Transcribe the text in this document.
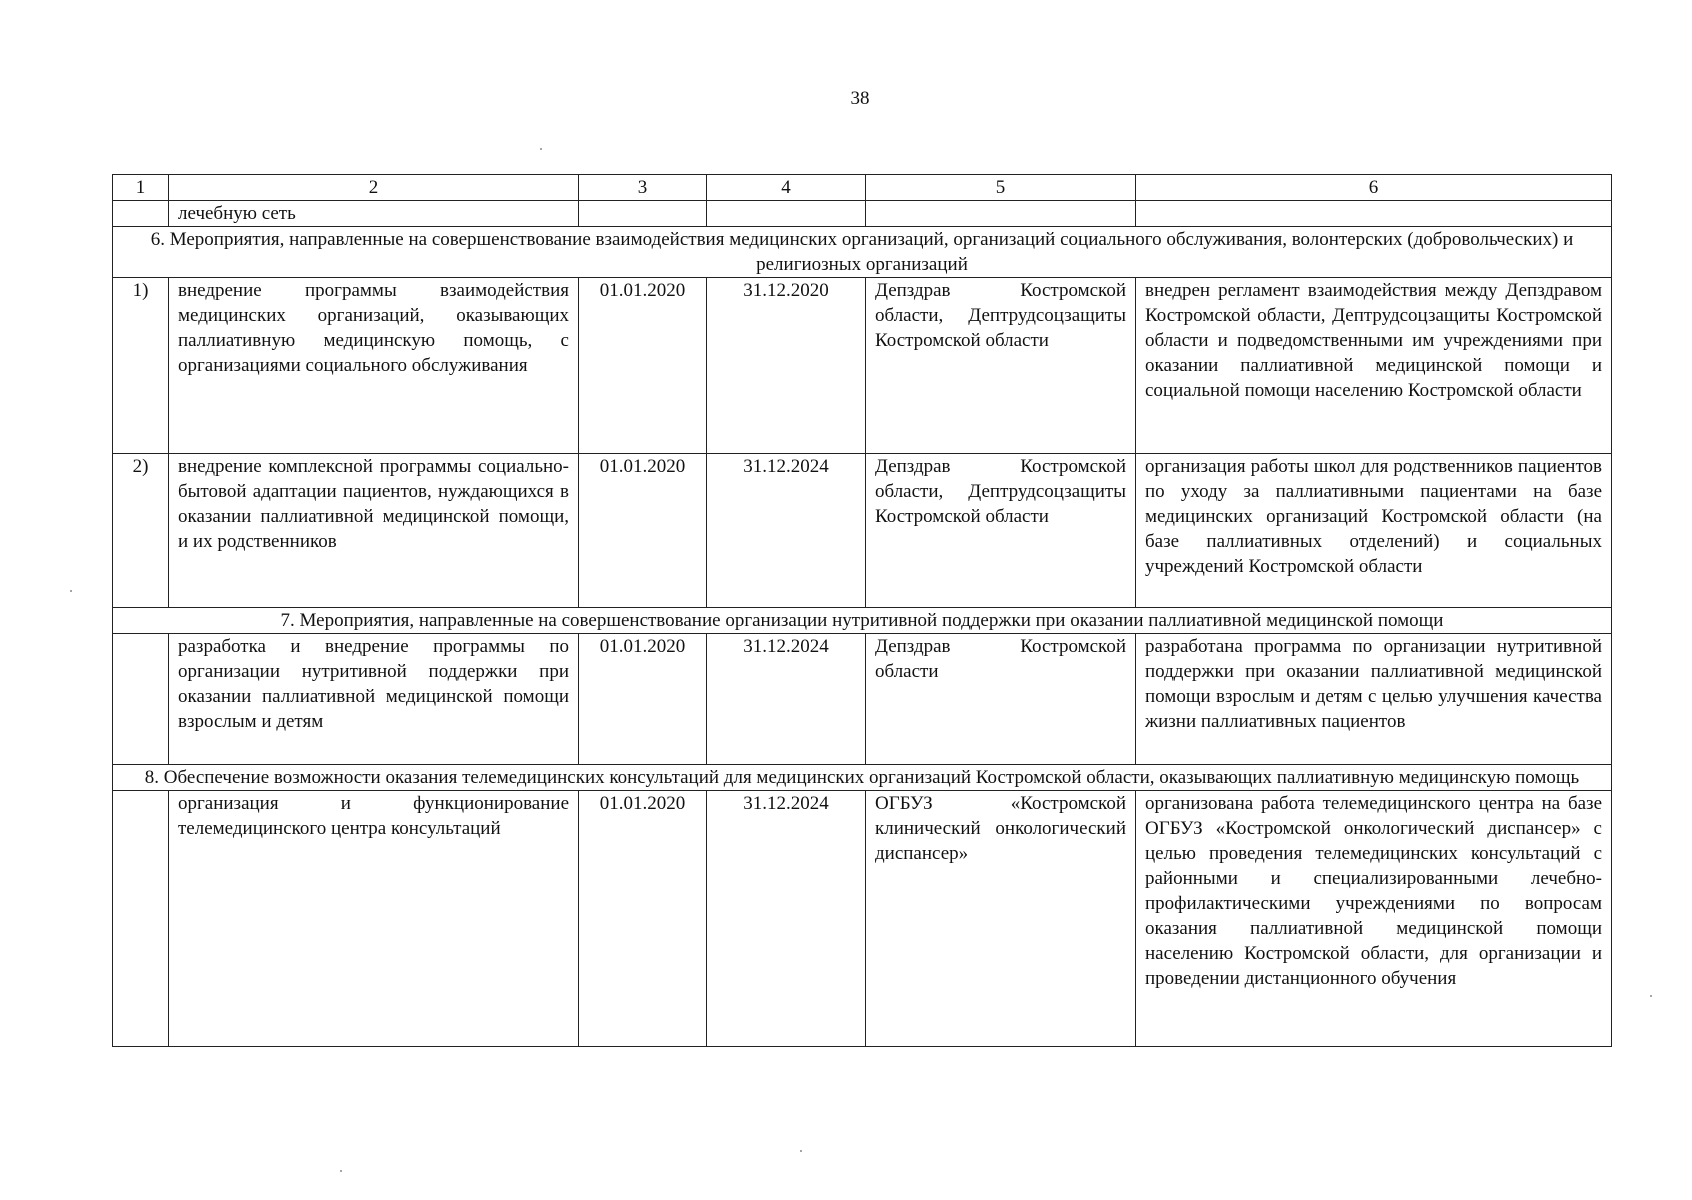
38
1	2	3	4	5	6
	лечебную сеть				
6. Мероприятия, направленные на совершенствование взаимодействия медицинских организаций, организаций социального обслуживания, волонтерских (добровольческих) и религиозных организаций					
1)	внедрение программы взаимодействия медицинских организаций, оказывающих паллиативную медицинскую помощь, с организациями социального обслуживания	01.01.2020	31.12.2020	Депздрав Костромской области, Дептрудсоцзащиты Костромской области	внедрен регламент взаимодействия между Депздравом Костромской области, Дептрудсоцзащиты Костромской области и подведомственными им учреждениями при оказании паллиативной медицинской помощи и социальной помощи населению Костромской области
2)	внедрение комплексной программы социально-бытовой адаптации пациентов, нуждающихся в оказании паллиативной медицинской помощи, и их родственников	01.01.2020	31.12.2024	Депздрав Костромской области, Дептрудсоцзащиты Костромской области	организация работы школ для родственников пациентов по уходу за паллиативными пациентами на базе медицинских организаций Костромской области (на базе паллиативных отделений) и социальных учреждений Костромской области
7. Мероприятия, направленные на совершенствование организации нутритивной поддержки при оказании паллиативной медицинской помощи					
	разработка и внедрение программы по организации нутритивной поддержки при оказании паллиативной медицинской помощи взрослым и детям	01.01.2020	31.12.2024	Депздрав Костромской области	разработана программа по организации нутритивной поддержки при оказании паллиативной медицинской помощи взрослым и детям с целью улучшения качества жизни паллиативных пациентов
8. Обеспечение возможности оказания телемедицинских консультаций для медицинских организаций Костромской области, оказывающих паллиативную медицинскую помощь					
	организация и функционирование телемедицинского центра консультаций	01.01.2020	31.12.2024	ОГБУЗ «Костромской клинический онкологический диспансер»	организована работа телемедицинского центра на базе ОГБУЗ «Костромской онкологический диспансер» с целью проведения телемедицинских консультаций с районными и специализированными лечебно-профилактическими учреждениями по вопросам оказания паллиативной медицинской помощи населению Костромской области, для организации и проведении дистанционного обучения
